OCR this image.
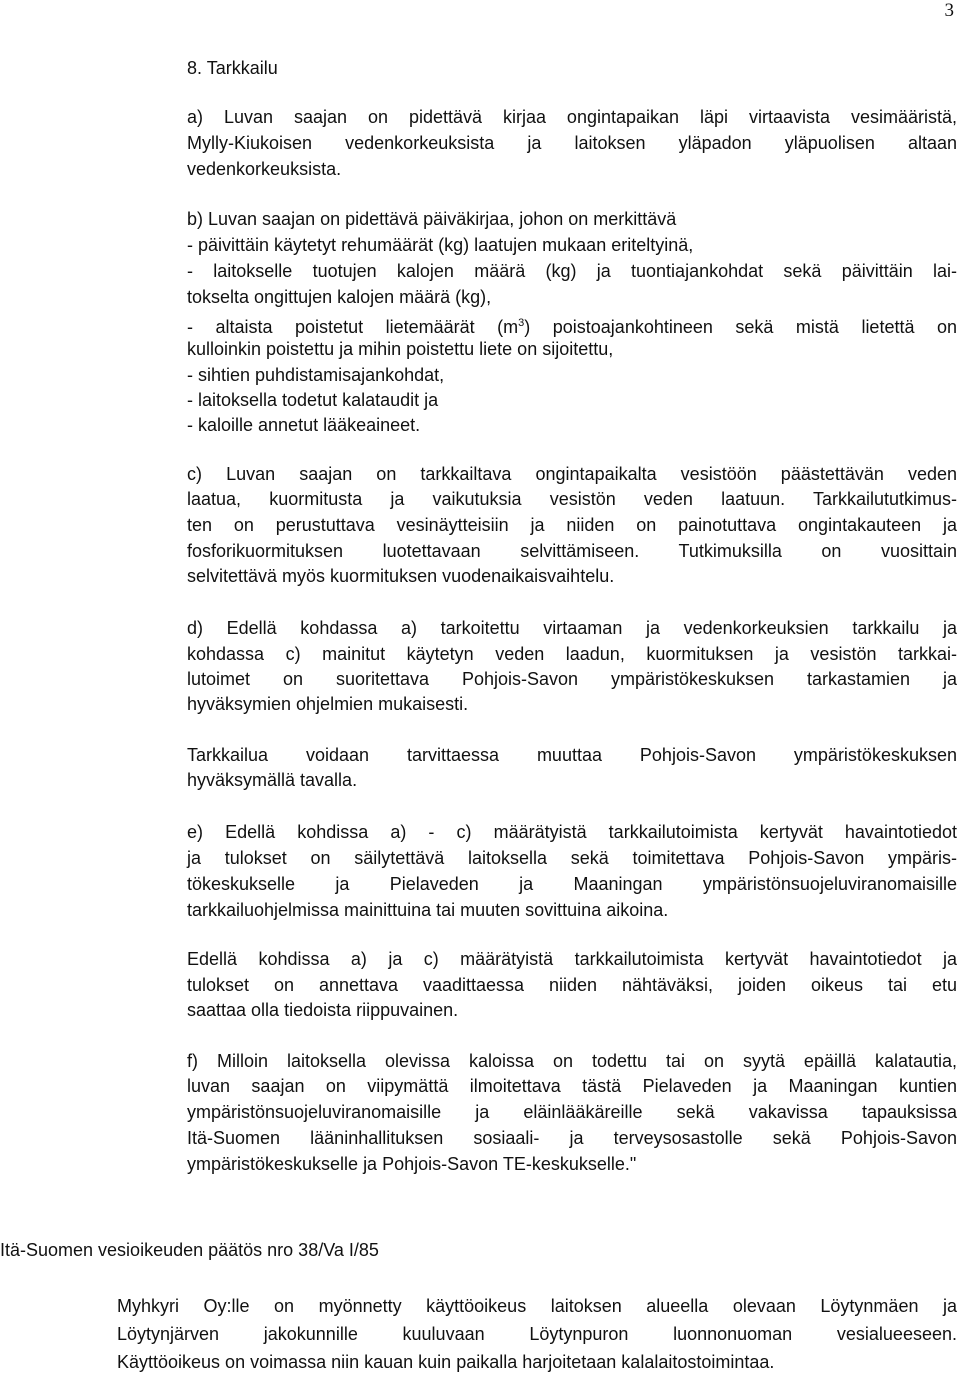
3
8. Tarkkailu
a) Luvan saajan on pidettävä kirjaa ongintapaikan läpi virtaavista vesimääristä,
Mylly-Kiukoisen vedenkorkeuksista ja laitoksen yläpadon yläpuolisen altaan
vedenkorkeuksista.
b) Luvan saajan on pidettävä päiväkirjaa, johon on merkittävä
- päivittäin käytetyt rehumäärät (kg) laatujen mukaan eriteltyinä,
- laitokselle tuotujen kalojen määrä (kg) ja tuontiajankohdat sekä päivittäin lai-
tokselta ongittujen kalojen määrä (kg),
- altaista poistetut lietemäärät $(m^3)$ poistoajankohtineen sekä mistä lietettä on
kulloinkin poistettu ja mihin poistettu liete on sijoitettu,
- sihtien puhdistamisajankohdat,
- laitoksella todetut kalataudit ja
- kaloille annetut lääkeaineet.
c) Luvan saajan on tarkkailtava ongintapaikalta vesistöön päästettävän veden
laatua, kuormitusta ja vaikutuksia vesistön veden laatuun. Tarkkailututkimus-
ten on perustuttava vesinäytteisiin ja niiden on painotuttava ongintakauteen ja
fosforikuormituksen luotettavaan selvittämiseen. Tutkimuksilla on vuosittain
selvitettävä myös kuormituksen vuodenaikaisvaihtelu.
d) Edellä kohdassa a) tarkoitettu virtaaman ja vedenkorkeuksien tarkkailu ja
kohdassa c) mainitut käytetyn veden laadun, kuormituksen ja vesistön tarkkai-
lutoimet on suoritettava Pohjois-Savon ympäristökeskuksen tarkastamien ja
hyväksymien ohjelmien mukaisesti.
Tarkkailua voidaan tarvittaessa muuttaa Pohjois-Savon ympäristökeskuksen
hyväksymällä tavalla.
e) Edellä kohdissa a) - c) määrätyistä tarkkailutoimista kertyvät havaintotiedot
ja tulokset on säilytettävä laitoksella sekä toimitettava Pohjois-Savon ympäris-
tökeskukselle ja Pielaveden ja Maaningan ympäristönsuojeluviranomaisille
tarkkailuohjelmissa mainittuina tai muuten sovittuina aikoina.
Edellä kohdissa a) ja c) määrätyistä tarkkailutoimista kertyvät havaintotiedot ja
tulokset on annettava vaadittaessa niiden nähtäväksi, joiden oikeus tai etu
saattaa olla tiedoista riippuvainen.
f) Milloin laitoksella olevissa kaloissa on todettu tai on syytä epäillä kalatautia,
luvan saajan on viipymättä ilmoitettava tästä Pielaveden ja Maaningan kuntien
ympäristönsuojeluviranomaisille ja eläinlääkäreille sekä vakavissa tapauksissa
Itä-Suomen lääninhallituksen sosiaali- ja terveysosastolle sekä Pohjois-Savon
ympäristökeskukselle ja Pohjois-Savon TE-keskukselle."
Itä-Suomen vesioikeuden päätös nro 38/Va I/85
Myhkyri Oy:lle on myönnetty käyttöoikeus laitoksen alueella olevaan Löytynmäen ja
Löytynjärven jakokunnille kuuluvaan Löytynpuron luonnonuoman vesialueeseen.
Käyttöoikeus on voimassa niin kauan kuin paikalla harjoitetaan kalalaitostoimintaa.
